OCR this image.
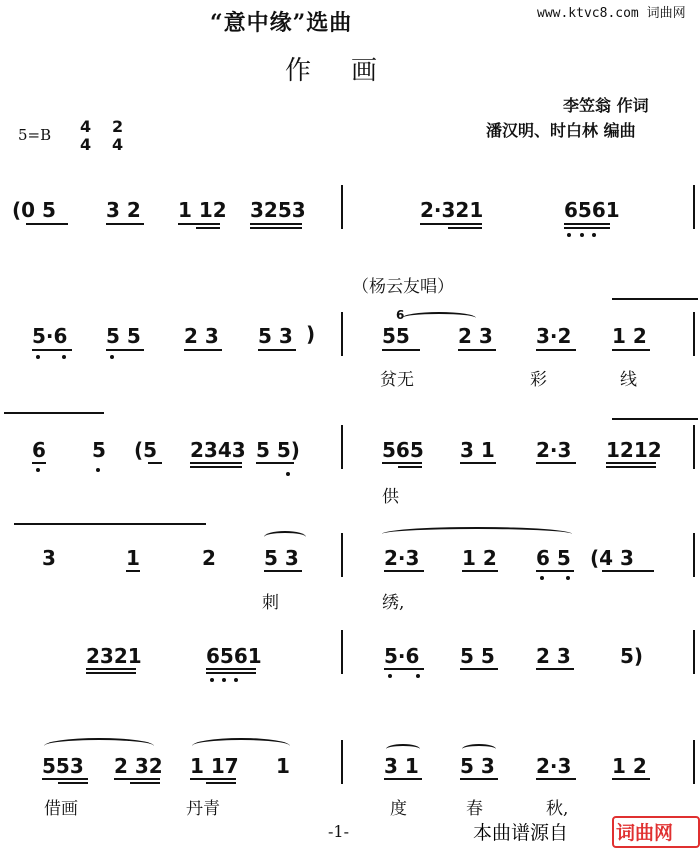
“意中缘”选曲
作画
www.ktvc8.com 词曲网
李笠翁 作词
潘汉明、时白林 编曲
5=B 4
4
2
4
(0 5	3 2 1 12 3253	2·321	6561
（杨云友唱）
5·6 5 5 2 3 5 3 )
6
5̇5 2 3 3·2 1 2
贫无	彩	线
6 5 (5 2343 5 5)	565 3 1 2·3 1212
供
3	1	2 5 3	2·3 1 2 6 5 (4 3
刺	绣,
2321	6561	5·6 5 5 2 3 5)
553 2 32 1 17 1	3 1 5 3 2·3 1 2
借画	丹青	度	春	秋,
-1-	本曲谱源自	词曲网
